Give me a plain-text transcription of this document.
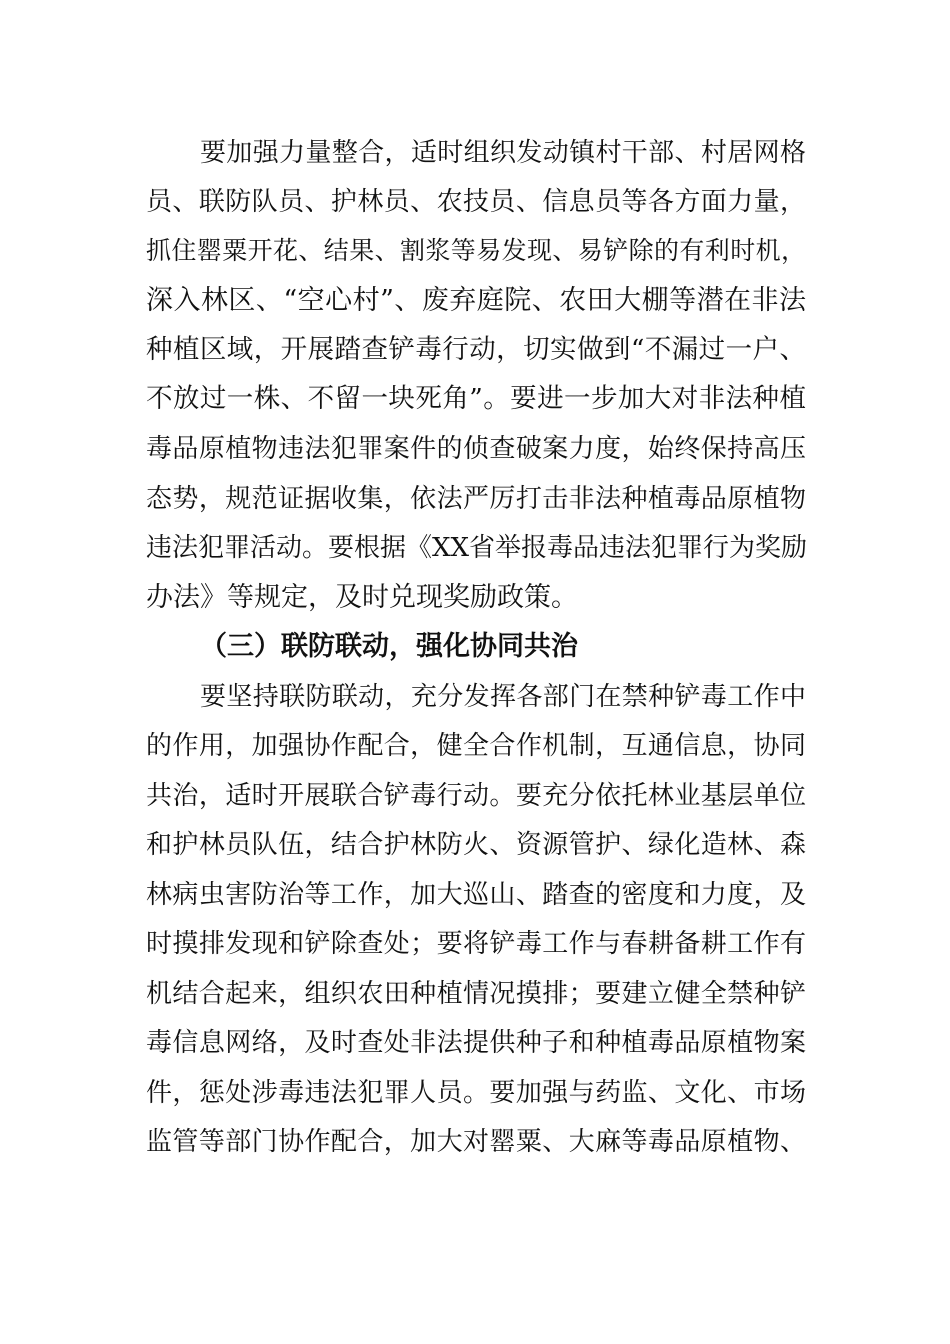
要加强力量整合，适时组织发动镇村干部、村居网格
员、联防队员、护林员、农技员、信息员等各方面力量，
抓住罂粟开花、结果、割浆等易发现、易铲除的有利时机，
深入林区、“空心村”、废弃庭院、农田大棚等潜在非法
种植区域，开展踏查铲毒行动，切实做到“不漏过一户、
不放过一株、不留一块死角”。要进一步加大对非法种植
毒品原植物违法犯罪案件的侦查破案力度，始终保持高压
态势，规范证据收集，依法严厉打击非法种植毒品原植物
违法犯罪活动。要根据《XX省举报毒品违法犯罪行为奖励
办法》等规定，及时兑现奖励政策。
（三）联防联动，强化协同共治
要坚持联防联动，充分发挥各部门在禁种铲毒工作中
的作用，加强协作配合，健全合作机制，互通信息，协同
共治，适时开展联合铲毒行动。要充分依托林业基层单位
和护林员队伍，结合护林防火、资源管护、绿化造林、森
林病虫害防治等工作，加大巡山、踏查的密度和力度，及
时摸排发现和铲除查处；要将铲毒工作与春耕备耕工作有
机结合起来，组织农田种植情况摸排；要建立健全禁种铲
毒信息网络，及时查处非法提供种子和种植毒品原植物案
件，惩处涉毒违法犯罪人员。要加强与药监、文化、市场
监管等部门协作配合，加大对罂粟、大麻等毒品原植物、
